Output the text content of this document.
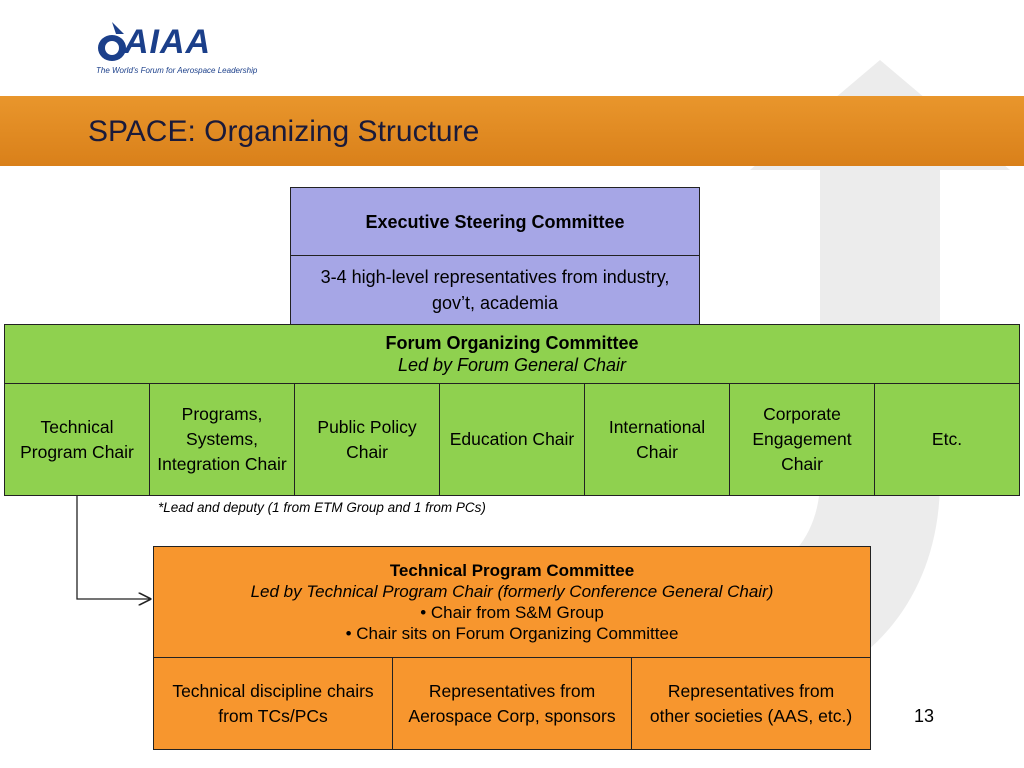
AIAA
The World's Forum for Aerospace Leadership
SPACE: Organizing Structure
Executive Steering Committee
3-4 high-level representatives from industry, gov’t, academia
Forum Organizing Committee
Led by Forum General Chair
Technical Program Chair
Programs, Systems, Integration Chair
Public Policy Chair
Education Chair
International Chair
Corporate Engagement Chair
Etc.
*Lead and deputy (1 from ETM Group and 1 from PCs)
Technical Program Committee
Led by Technical Program Chair (formerly Conference General Chair)
• Chair from S&M Group
• Chair sits on Forum Organizing Committee
Technical discipline chairs from TCs/PCs
Representatives from Aerospace Corp, sponsors
Representatives from other societies (AAS, etc.)	13
